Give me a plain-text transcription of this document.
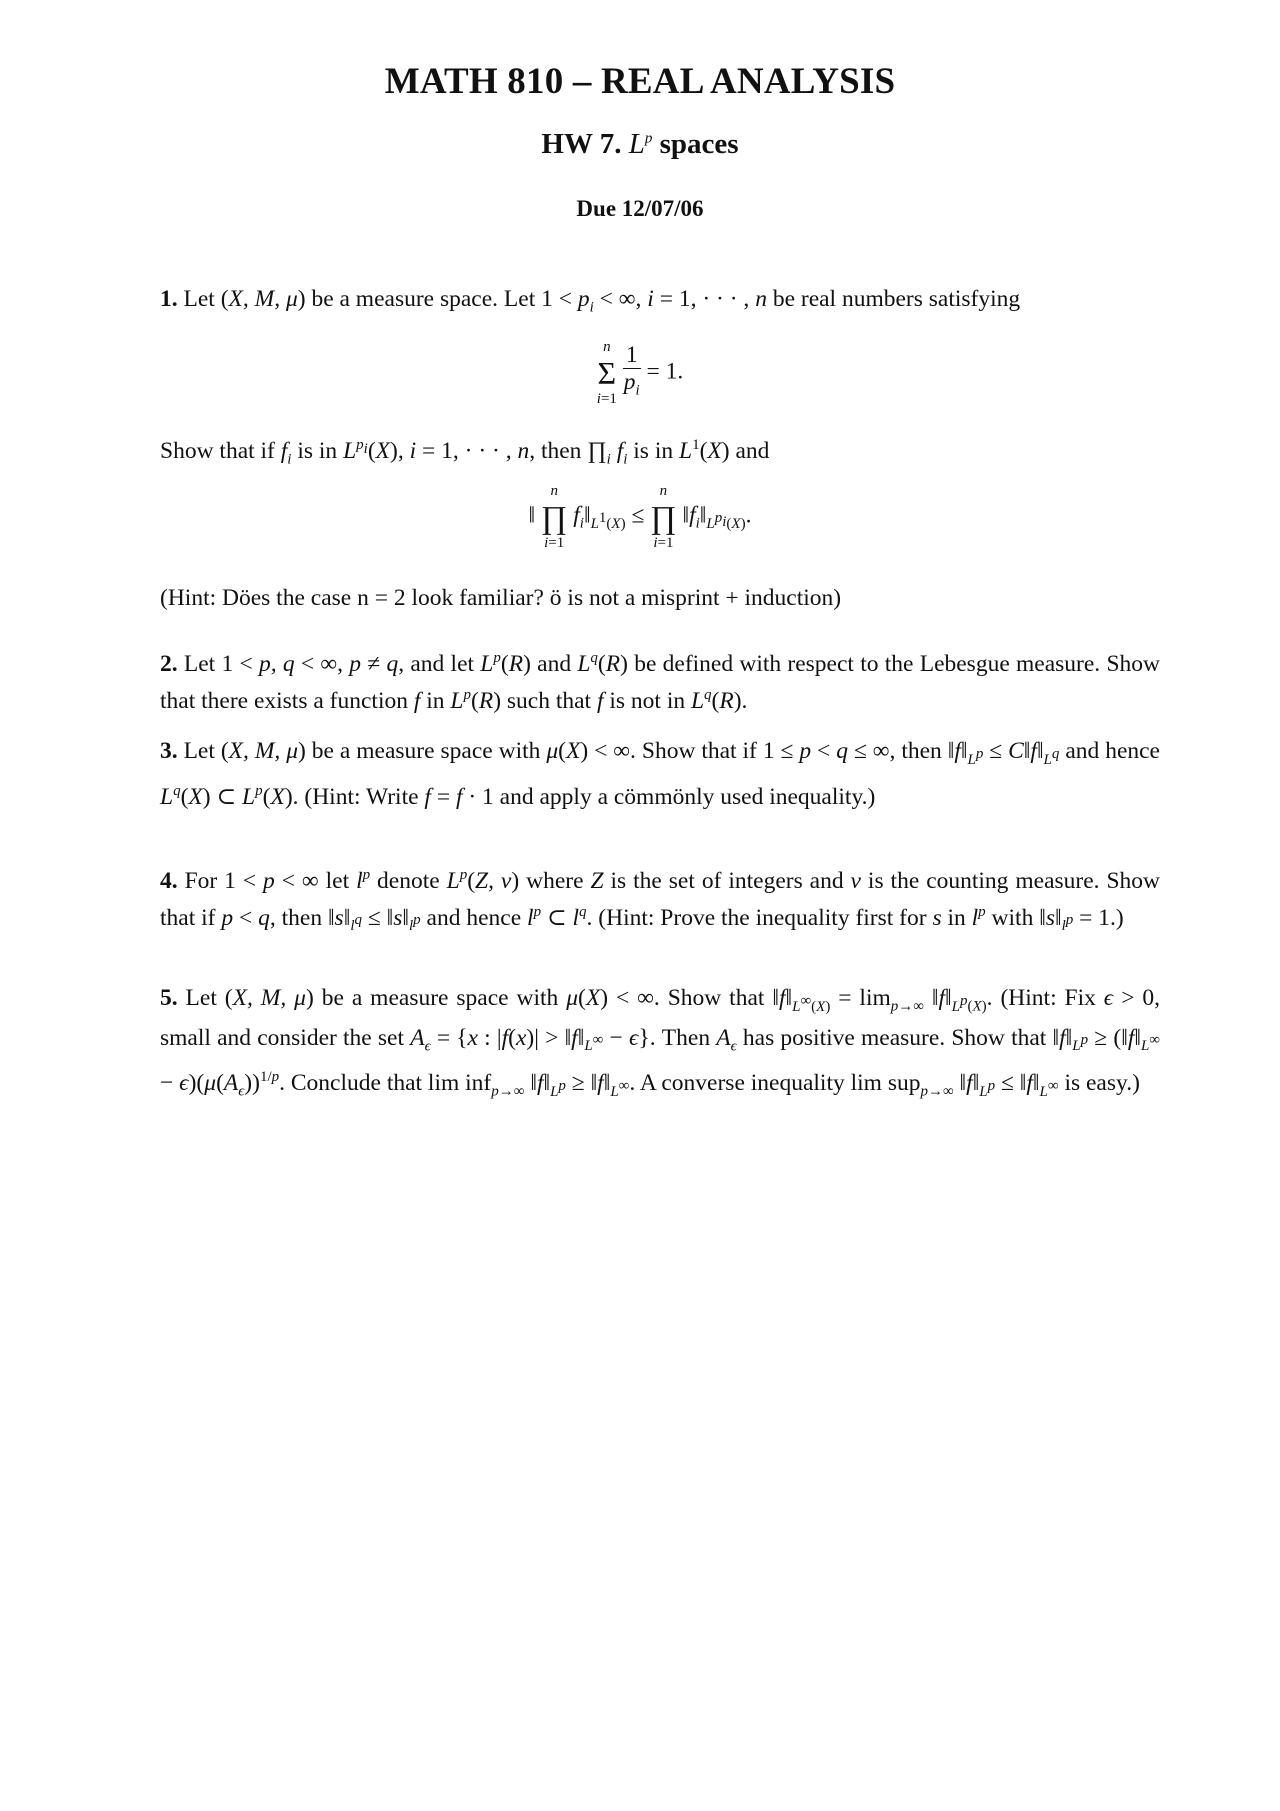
MATH 810 – REAL ANALYSIS
HW 7. $L^p$ spaces
Due 12/07/06

1. Let (X, M, μ) be a measure space. Let $1 < p_i$ < ∞, i = 1, · · · , n be real numbers satisfying

n
Σ
i=1
$\frac{1}{p_i} = 1$.

Show that if $f_i$ is in $L^{p_i}(X)$, i = 1, · · · , n, then $\prod_i$ $f_i$ is in $L^1(X)$ and

‖
n
∏
i=1
$f_i‖_{L^1(X)}$ ≤
n
∏
i=1
$‖f_i‖_{L^{p_i}(X)}$.

(Hint: Döes the case n = 2 look familiar? ö is not a misprint + induction)

2. Let 1 < p, q < ∞, p ≠ q, and let $L^p(R)$ and $L^q(R)$ be defined with respect to the Lebesgue measure. Show that there exists a function f in $L^p(R)$ such that f is not in $L^q(R)$.

3. Let (X, M, μ) be a measure space with μ(X) < ∞. Show that if 1 ≤ p < q ≤ ∞, then $‖f‖_{L^p}$ ≤ $C‖f‖_{L^q}$ and hence $L^q(X)$ ⊂ $L^p(X)$. (Hint: Write f = f · 1 and apply a cömmönly used inequality.)

4. For 1 < p < ∞ let $l^p$ denote $L^p(Z$, ν) where Z is the set of integers and ν is the counting measure. Show that if p < q, then $‖s‖_{l^q}$ ≤ $‖s‖_{l^p}$ and hence $l^p$ ⊂ $l^q$. (Hint: Prove the inequality first for s in $l^p$ with $‖s‖_{l^p} = 1$.)

5. Let (X, M, μ) be a measure space with μ(X) < ∞. Show that $‖f‖_{L^\infty(X)} = \lim_{p\to\infty}$ $‖f‖_{L^p(X)}$. (Hint: Fix ϵ > 0, small and consider the set $A_\epsilon = \{x$ : $|f(x)| > ‖f‖_{L^\infty} - \epsilon$}. Then $A_\epsilon$ has positive measure. Show that $‖f‖_{L^p}$ ≥ $(‖f‖_{L^\infty} - \epsilon)(\mu(A_\epsilon))^{1/p}$. Conclude that lim inf$_{p\to\infty}$ $‖f‖_{L^p}$ ≥ $‖f‖_{L^\infty}$. A converse inequality lim sup$_{p\to\infty}$ $‖f‖_{L^p}$ ≤ $‖f‖_{L^\infty}$ is easy.)
